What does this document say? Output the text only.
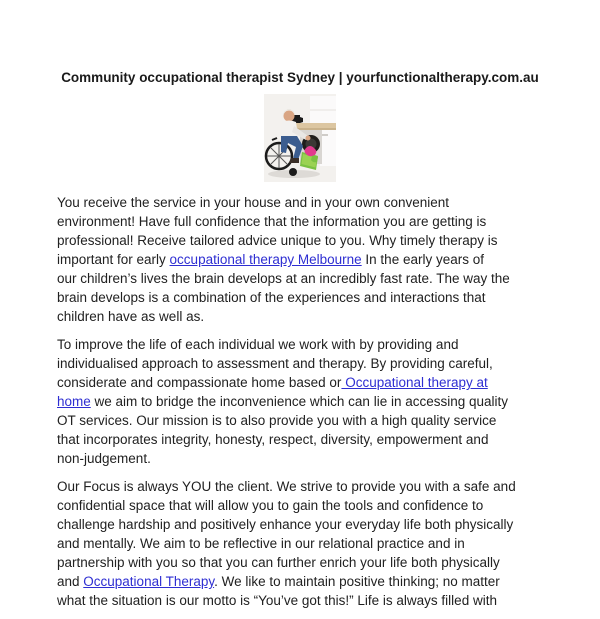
Community occupational therapist Sydney | yourfunctionaltherapy.com.au
You receive the service in your house and in your own convenient
environment! Have full confidence that the information you are getting is
professional! Receive tailored advice unique to you. Why timely therapy is
important for early occupational therapy Melbourne In the early years of
our children’s lives the brain develops at an incredibly fast rate. The way the
brain develops is a combination of the experiences and interactions that
children have as well as.
To improve the life of each individual we work with by providing and
individualised approach to assessment and therapy. By providing careful,
considerate and compassionate home based or Occupational therapy at
home we aim to bridge the inconvenience which can lie in accessing quality
OT services. Our mission is to also provide you with a high quality service
that incorporates integrity, honesty, respect, diversity, empowerment and
non-judgement.
Our Focus is always YOU the client. We strive to provide you with a safe and
confidential space that will allow you to gain the tools and confidence to
challenge hardship and positively enhance your everyday life both physically
and mentally. We aim to be reflective in our relational practice and in
partnership with you so that you can further enrich your life both physically
and Occupational Therapy. We like to maintain positive thinking; no matter
what the situation is our motto is “You’ve got this!” Life is always filled with
